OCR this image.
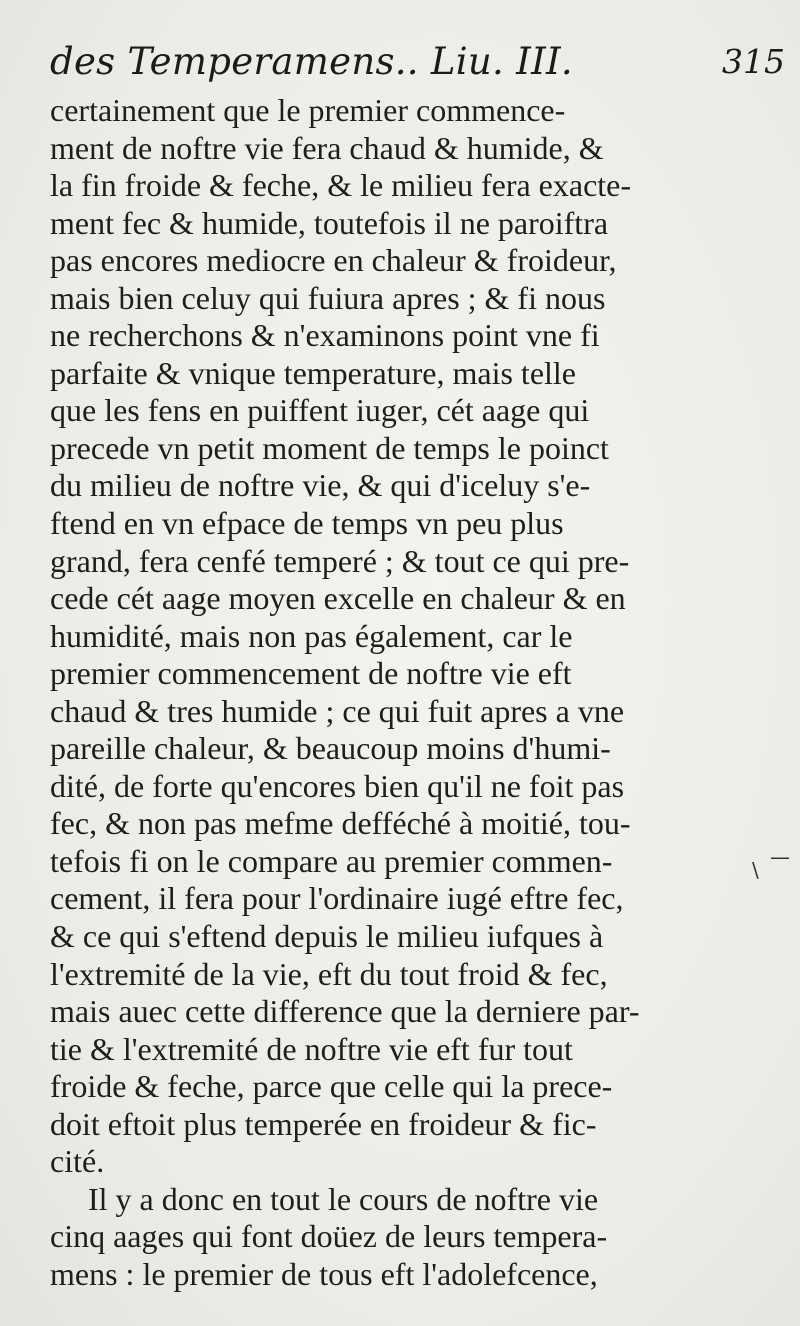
des Temperamens.. Liu. III.	315
certainement que le premier commence-
ment de noftre vie fera chaud & humide, &
la fin froide & feche, & le milieu fera exacte-
ment fec & humide, toutefois il ne paroiftra
pas encores mediocre en chaleur & froideur,
mais bien celuy qui fuiura apres ; & fi nous
ne recherchons & n'examinons point vne fi
parfaite & vnique temperature, mais telle
que les fens en puiffent iuger, cét aage qui
precede vn petit moment de temps le poinct
du milieu de noftre vie, & qui d'iceluy s'e-
ftend en vn efpace de temps vn peu plus
grand, fera cenfé temperé ; & tout ce qui pre-
cede cét aage moyen excelle en chaleur & en
humidité, mais non pas également, car le
premier commencement de noftre vie eft
chaud & tres humide ; ce qui fuit apres a vne
pareille chaleur, & beaucoup moins d'humi-
dité, de forte qu'encores bien qu'il ne foit pas
fec, & non pas mefme defféché à moitié, tou-
tefois fi on le compare au premier commen-
cement, il fera pour l'ordinaire iugé eftre fec,
& ce qui s'eftend depuis le milieu iufques à
l'extremité de la vie, eft du tout froid & fec,
mais auec cette difference que la derniere par-
tie & l'extremité de noftre vie eft fur tout
froide & feche, parce que celle qui la prece-
doit eftoit plus temperée en froideur & fic-
cité.
Il y a donc en tout le cours de noftre vie
cinq aages qui font doüez de leurs tempera-
mens : le premier de tous eft l'adolefcence,
\
—
